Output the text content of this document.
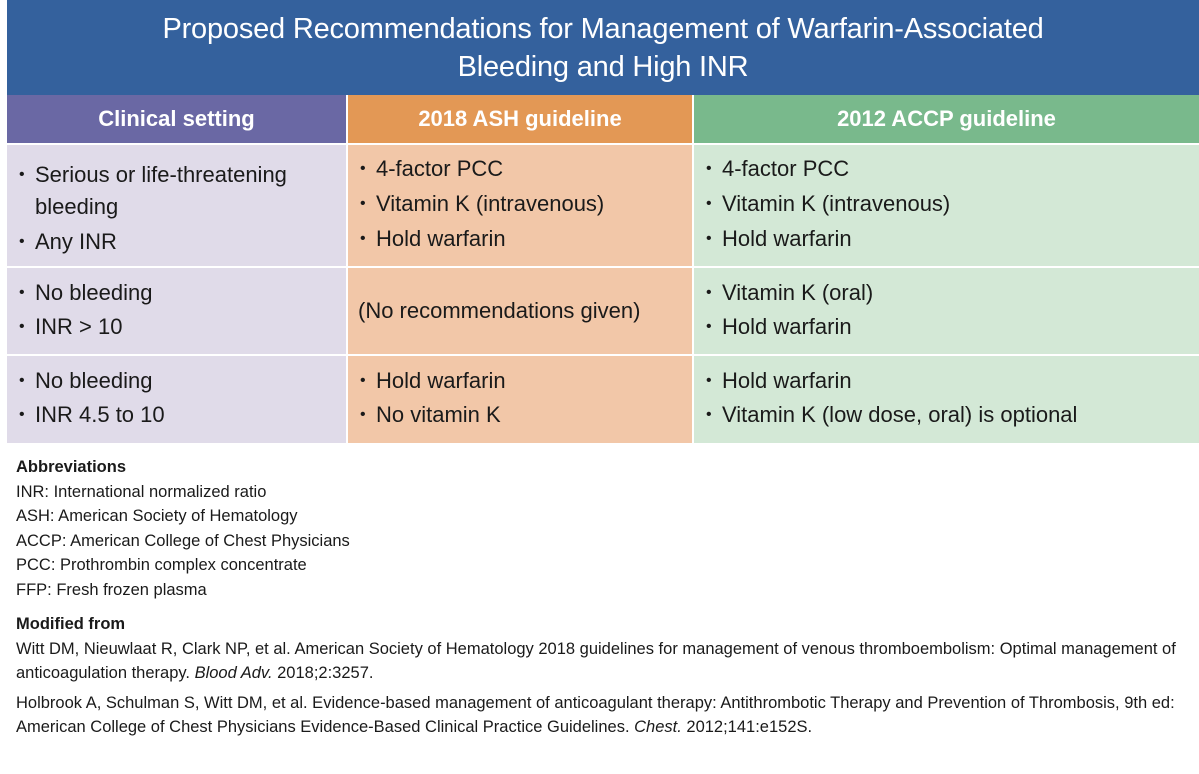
Proposed Recommendations for Management of Warfarin-Associated
Bleeding and High INR
Clinical setting	2018 ASH guideline	2012 ACCP guideline
• Serious or life-threatening bleeding
• Any INR
• 4-factor PCC
• Vitamin K (intravenous)
• Hold warfarin
• 4-factor PCC
• Vitamin K (intravenous)
• Hold warfarin
• No bleeding
• INR > 10
(No recommendations given)
• Vitamin K (oral)
• Hold warfarin
• No bleeding
• INR 4.5 to 10
• Hold warfarin
• No vitamin K
• Hold warfarin
• Vitamin K (low dose, oral) is optional
Abbreviations
INR: International normalized ratio
ASH: American Society of Hematology
ACCP: American College of Chest Physicians
PCC: Prothrombin complex concentrate
FFP: Fresh frozen plasma
Modified from
Witt DM, Nieuwlaat R, Clark NP, et al. American Society of Hematology 2018 guidelines for management of venous thromboembolism: Optimal management of anticoagulation therapy. Blood Adv. 2018;2:3257.
Holbrook A, Schulman S, Witt DM, et al. Evidence-based management of anticoagulant therapy: Antithrombotic Therapy and Prevention of Thrombosis, 9th ed: American College of Chest Physicians Evidence-Based Clinical Practice Guidelines. Chest. 2012;141:e152S.
